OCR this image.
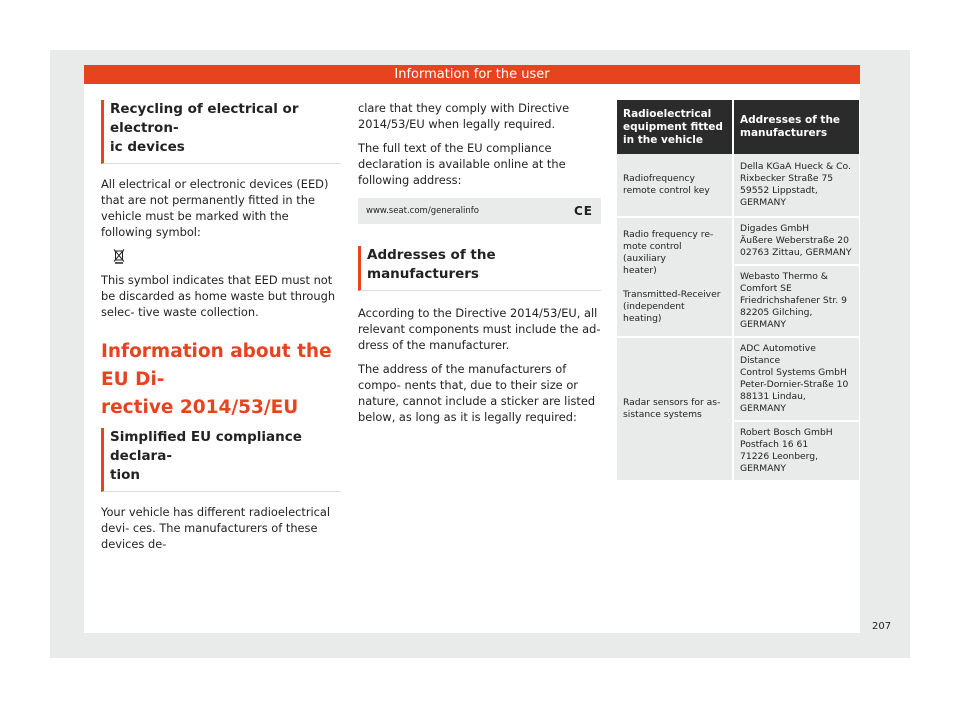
Information for the user
Recycling of electrical or electron-
ic devices

All electrical or electronic devices (EED) that are not permanently fitted in the vehicle must be marked with the following symbol:

This symbol indicates that EED must not be discarded as home waste but through selec- tive waste collection.

Information about the EU Di-
rective 2014/53/EU
Simplified EU compliance declara-
tion

Your vehicle has different radioelectrical devi- ces. The manufacturers of these devices de-

clare that they comply with Directive 2014/53/EU when legally required.

The full text of the EU compliance declaration is available online at the following address:

www.seat.com/generalinfo	CE
Addresses of the manufacturers

According to the Directive 2014/53/EU, all relevant components must include the ad- dress of the manufacturer.

The address of the manufacturers of compo- nents that, due to their size or nature, cannot include a sticker are listed below, as long as it is legally required:

Radioelectrical equipment fitted in the vehicle	Addresses of the manufacturers
Radiofrequency remote control key	Della KGaA Hueck & Co.
Rixbecker Straße 75
59552 Lippstadt,
GERMANY

Radio frequency re-
mote control (auxiliary
heater)
Transmitted-Receiver
(independent heating)	Digades GmbH
Äußere Weberstraße 20
02763 Zittau, GERMANY

	Webasto Thermo &
Comfort SE
Friedrichshafener Str. 9
82205 Gilching, GERMANY

Radar sensors for as-
sistance systems	ADC Automotive Distance
Control Systems GmbH
Peter-Dornier-Straße 10
88131 Lindau, GERMANY

	Robert Bosch GmbH
Postfach 16 61
71226 Leonberg,
GERMANY
207
